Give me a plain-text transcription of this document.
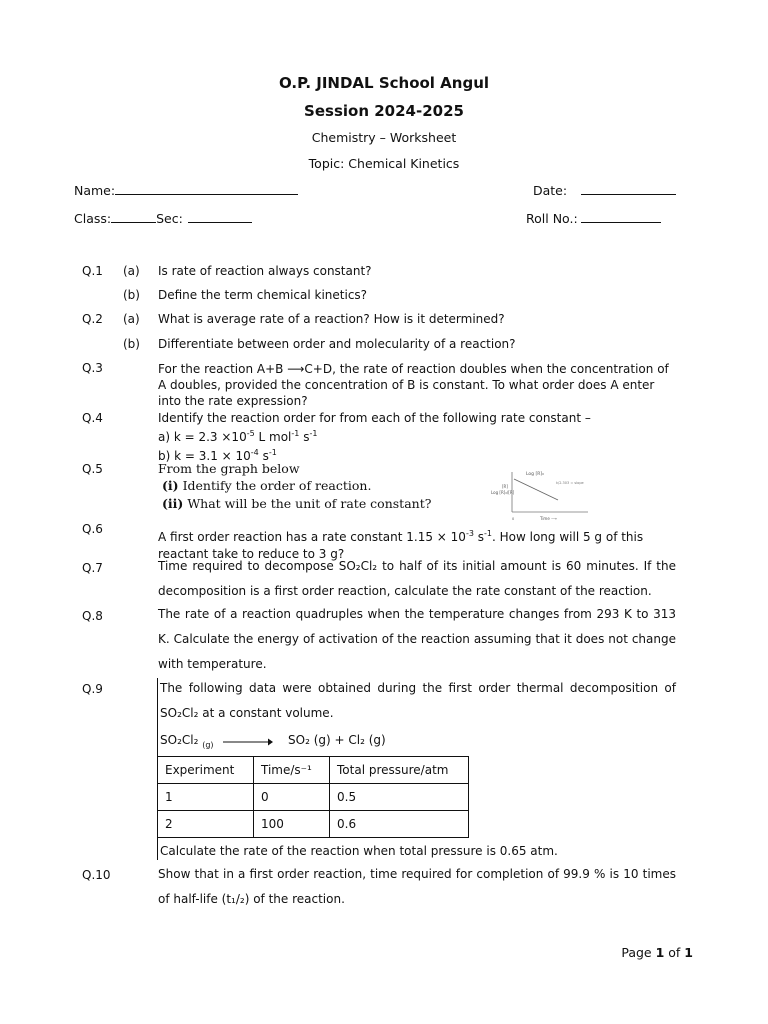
O.P. JINDAL School Angul
Session 2024-2025
Chemistry – Worksheet
Topic: Chemical Kinetics
Name:	Date:
Class:	Sec:	Roll No.:
Q.1 (a) Is rate of reaction always constant?
(b) Define the term chemical kinetics?
Q.2 (a) What is average rate of a reaction? How is it determined?
(b) Differentiate between order and molecularity of a reaction?
Q.3	For the reaction A+B ⟶C+D, the rate of reaction doubles when the concentration of A doubles, provided the concentration of B is constant. To what order does A enter into the rate expression?
Q.4	Identify the reaction order for from each of the following rate constant –
a) $k = 2.3 \times 10^{-5}$ L mol$^{-1}$ $s^{-1}$
b) $k = 3.1 \times 10^{-4}$ $s^{-1}$
Q.5	From the graph below
(i) Identify the order of reaction.
(ii) What will be the unit of rate constant?
Log [R]₀
[R]
Log [R]₀/[R]
k/2.303 = slope
Time ⟶
0
Q.6
A first order reaction has a rate constant $1.15 \times 10^{-3}$ $s^{-1}$. How long will 5 g of this reactant take to reduce to 3 g?
Q.7	Time required to decompose SO₂Cl₂ to half of its initial amount is 60 minutes. If the decomposition is a first order reaction, calculate the rate constant of the reaction.
Q.8	The rate of a reaction quadruples when the temperature changes from 293 K to 313 K. Calculate the energy of activation of the reaction assuming that it does not change with temperature.
Q.9	The following data were obtained during the first order thermal decomposition of SO₂Cl₂ at a constant volume.
SO₂Cl₂ $_{(g)}$ → SO₂ (g) + Cl₂ (g)
Experiment	Time/s⁻¹	Total pressure/atm
1	0	0.5
2	100	0.6
Calculate the rate of the reaction when total pressure is 0.65 atm.
Q.10	Show that in a first order reaction, time required for completion of 99.9 % is 10 times of half-life (t₁/₂) of the reaction.
Page 1 of 1
